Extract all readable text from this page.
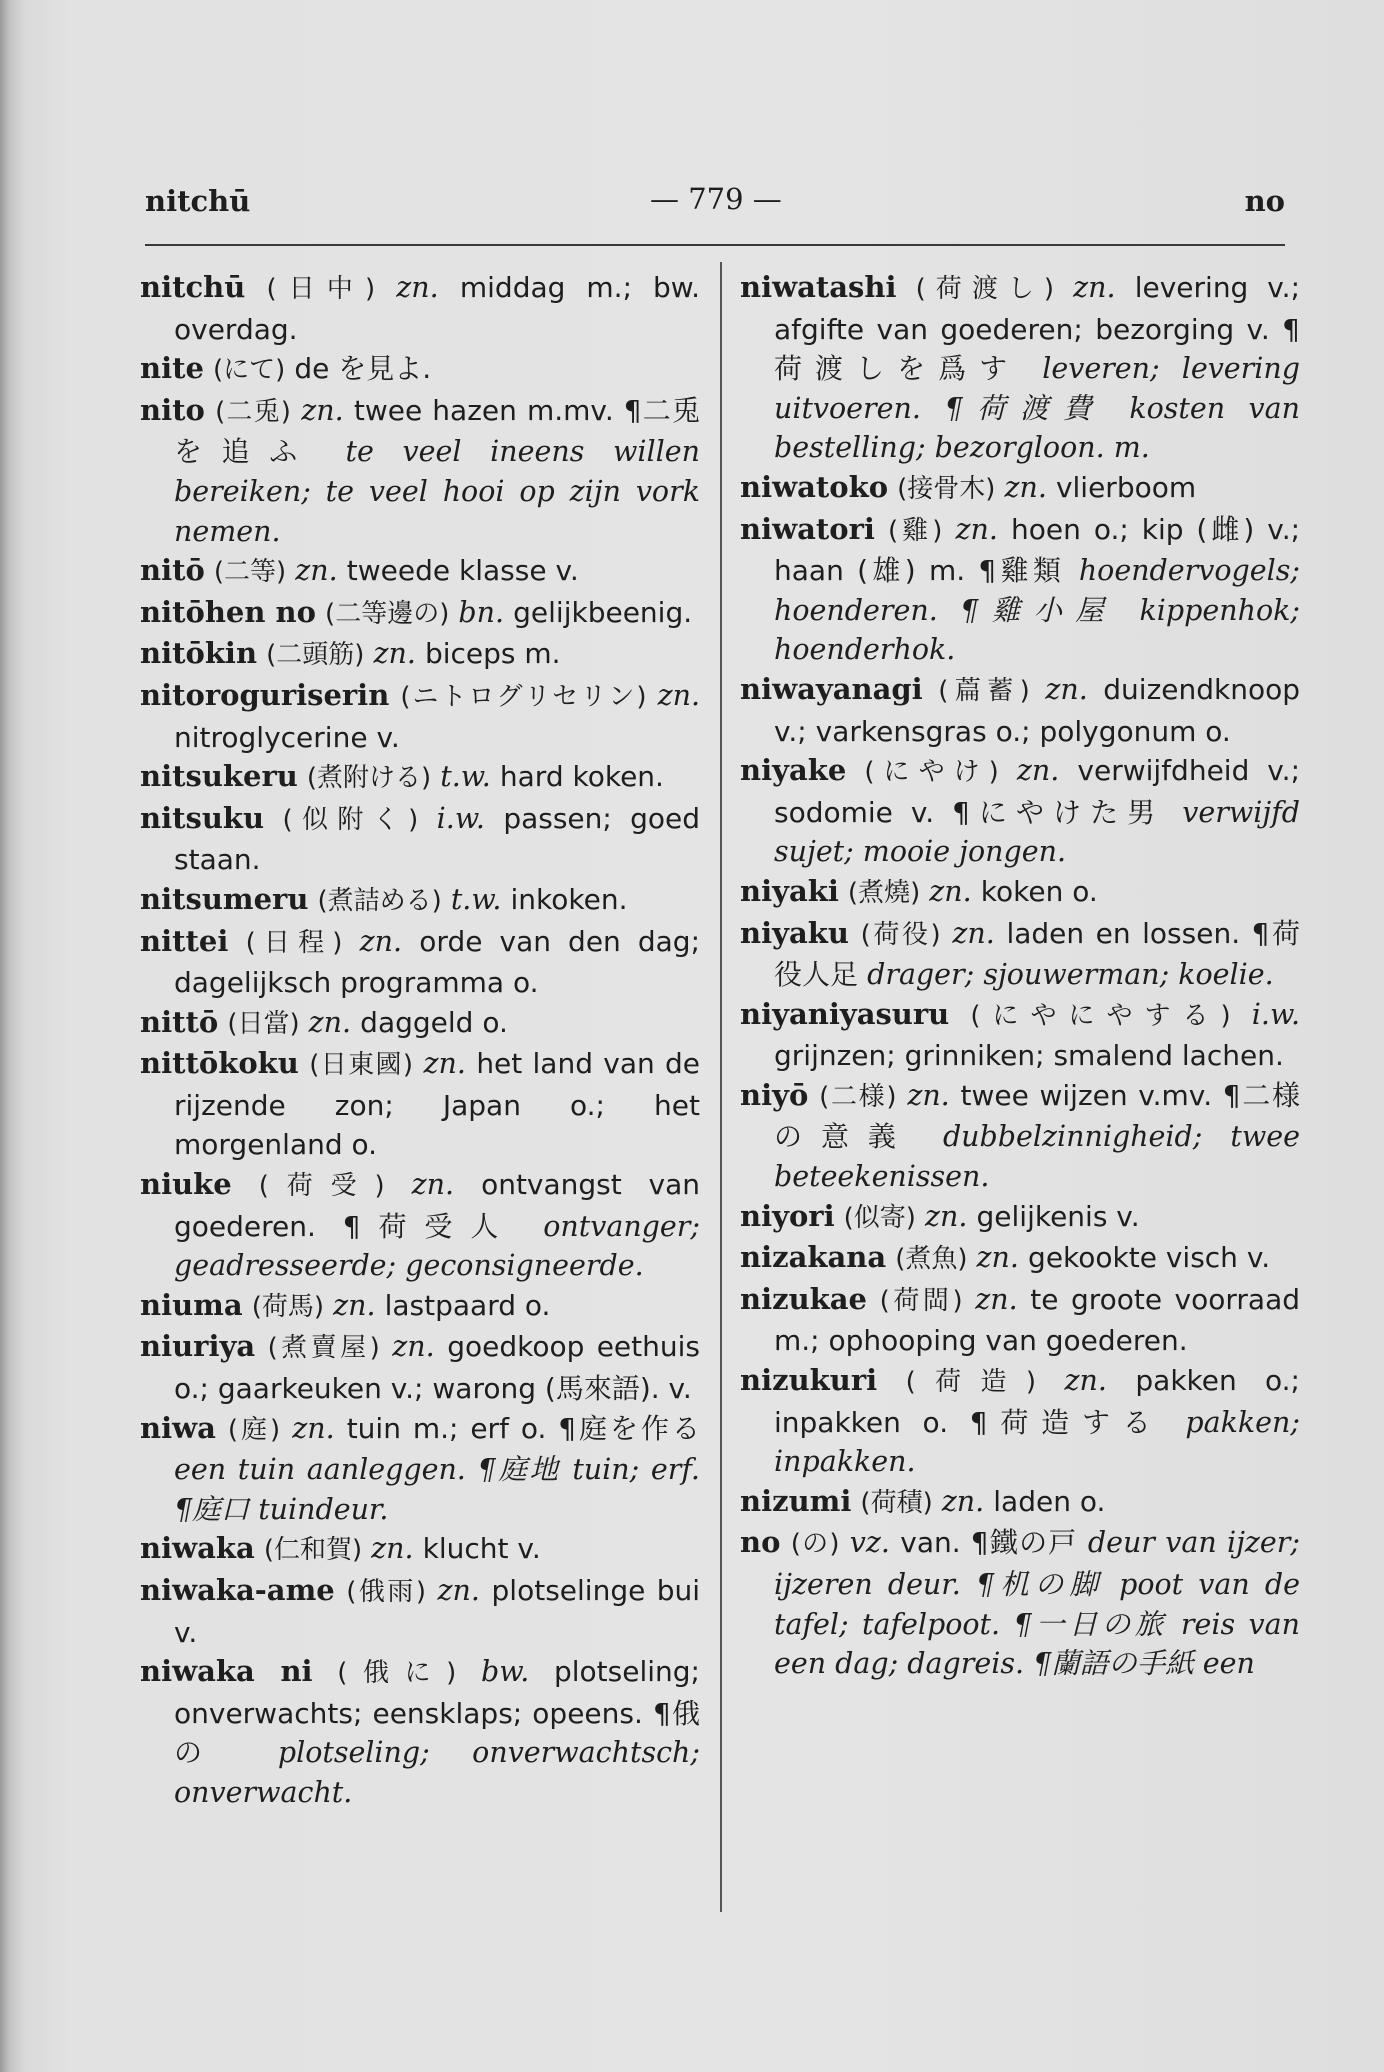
nitchū	— 779 —	no
nitchū (日中) zn. middag m.; bw. overdag.
nite (にて) de を見よ.
nito (二兎) zn. twee hazen m.mv. ¶二兎を追ふ te veel ineens willen bereiken; te veel hooi op zijn vork nemen.
nitō (二等) zn. tweede klasse v.
nitōhen no (二等邊の) bn. gelijkbeenig.
nitōkin (二頭筋) zn. biceps m.
nitoroguriserin (ニトログリセリン) zn. nitroglycerine v.
nitsukeru (煮附ける) t.w. hard koken.
nitsuku (似附く) i.w. passen; goed staan.
nitsumeru (煮詰める) t.w. inkoken.
nittei (日程) zn. orde van den dag; dagelijksch programma o.
nittō (日當) zn. daggeld o.
nittōkoku (日東國) zn. het land van de rijzende zon; Japan o.; het morgenland o.
niuke (荷受) zn. ontvangst van goederen. ¶荷受人 ontvanger; geadresseerde; geconsigneerde.
niuma (荷馬) zn. lastpaard o.
niuriya (煮賣屋) zn. goedkoop eethuis o.; gaarkeuken v.; warong (馬來語). v.
niwa (庭) zn. tuin m.; erf o. ¶庭を作る een tuin aanleggen. ¶庭地 tuin; erf. ¶庭口 tuindeur.
niwaka (仁和賀) zn. klucht v.
niwaka-ame (俄雨) zn. plotselinge bui v.
niwaka ni (俄に) bw. plotseling; onverwachts; eensklaps; opeens. ¶俄の plotseling; onverwachtsch; onverwacht.
niwatashi (荷渡し) zn. levering v.; afgifte van goederen; bezorging v. ¶荷渡しを爲す leveren; levering uitvoeren. ¶荷渡費 kosten van bestelling; bezorgloon. m.
niwatoko (接骨木) zn. vlierboom
niwatori (雞) zn. hoen o.; kip (雌) v.; haan (雄) m. ¶雞類 hoendervogels; hoenderen. ¶雞小屋 kippenhok; hoenderhok.
niwayanagi (萹蓄) zn. duizendknoop v.; varkensgras o.; polygonum o.
niyake (にやけ) zn. verwijfdheid v.; sodomie v. ¶にやけた男 verwijfd sujet; mooie jongen.
niyaki (煮燒) zn. koken o.
niyaku (荷役) zn. laden en lossen. ¶荷役人足 drager; sjouwerman; koelie.
niyaniyasuru (にやにやする) i.w. grijnzen; grinniken; smalend lachen.
niyō (二様) zn. twee wijzen v.mv. ¶二様の意義 dubbelzinnigheid; twee beteekenissen.
niyori (似寄) zn. gelijkenis v.
nizakana (煮魚) zn. gekookte visch v.
nizukae (荷閊) zn. te groote voorraad m.; ophooping van goederen.
nizukuri (荷造) zn. pakken o.; inpakken o. ¶荷造する pakken; inpakken.
nizumi (荷積) zn. laden o.
no (の) vz. van. ¶鐵の戸 deur van ijzer; ijzeren deur. ¶机の脚 poot van de tafel; tafelpoot. ¶一日の旅 reis van een dag; dagreis. ¶蘭語の手紙 een
